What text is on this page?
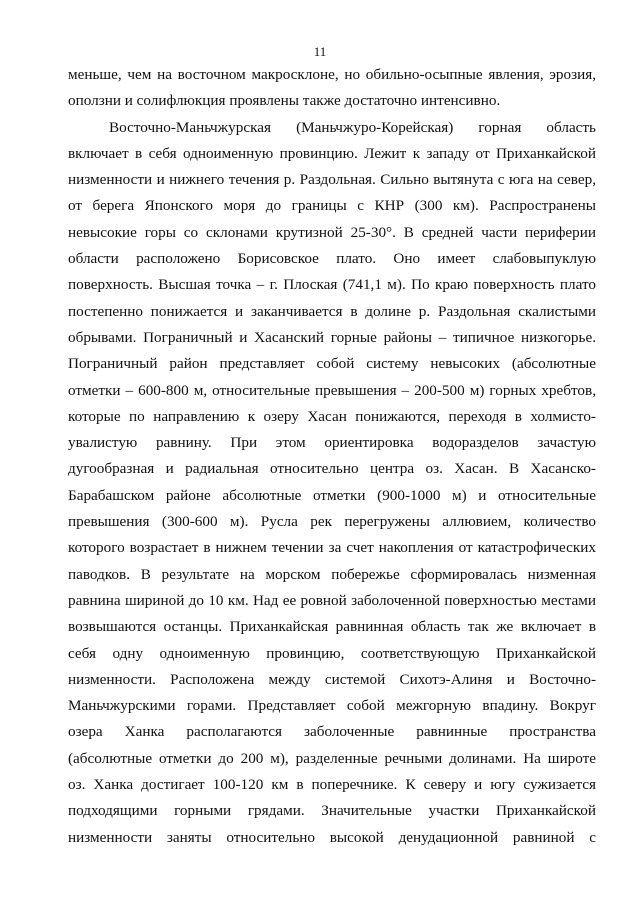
11
меньше, чем на восточном макросклоне, но обильно-осыпные явления, эрозия,
оползни и солифлюкция проявлены также достаточно интенсивно.
Восточно-Маньчжурская (Маньчжуро-Корейская) горная область
включает в себя одноименную провинцию. Лежит к западу от Приханкайской
низменности и нижнего течения р. Раздольная. Сильно вытянута с юга на север,
от берега Японского моря до границы с КНР (300 км). Распространены
невысокие горы со склонами крутизной 25-30°. В средней части периферии
области расположено Борисовское плато. Оно имеет слабовыпуклую
поверхность. Высшая точка – г. Плоская (741,1 м). По краю поверхность плато
постепенно понижается и заканчивается в долине р. Раздольная скалистыми
обрывами. Пограничный и Хасанский горные районы – типичное низкогорье.
Пограничный район представляет собой систему невысоких (абсолютные
отметки – 600-800 м, относительные превышения – 200-500 м) горных хребтов,
которые по направлению к озеру Хасан понижаются, переходя в холмисто-
увалистую равнину. При этом ориентировка водоразделов зачастую
дугообразная и радиальная относительно центра оз. Хасан. В Хасанско-
Барабашском районе абсолютные отметки (900-1000 м) и относительные
превышения (300-600 м). Русла рек перегружены аллювием, количество
которого возрастает в нижнем течении за счет накопления от катастрофических
паводков. В результате на морском побережье сформировалась низменная
равнина шириной до 10 км. Над ее ровной заболоченной поверхностью местами
возвышаются останцы. Приханкайская равнинная область так же включает в
себя одну одноименную провинцию, соответствующую Приханкайской
низменности. Расположена между системой Сихотэ-Алиня и Восточно-
Маньчжурскими горами. Представляет собой межгорную впадину. Вокруг
озера Ханка располагаются заболоченные равнинные пространства
(абсолютные отметки до 200 м), разделенные речными долинами. На широте
оз. Ханка достигает 100-120 км в поперечнике. К северу и югу сужизается
подходящими горными грядами. Значительные участки Приханкайской
низменности заняты относительно высокой денудационной равниной с
